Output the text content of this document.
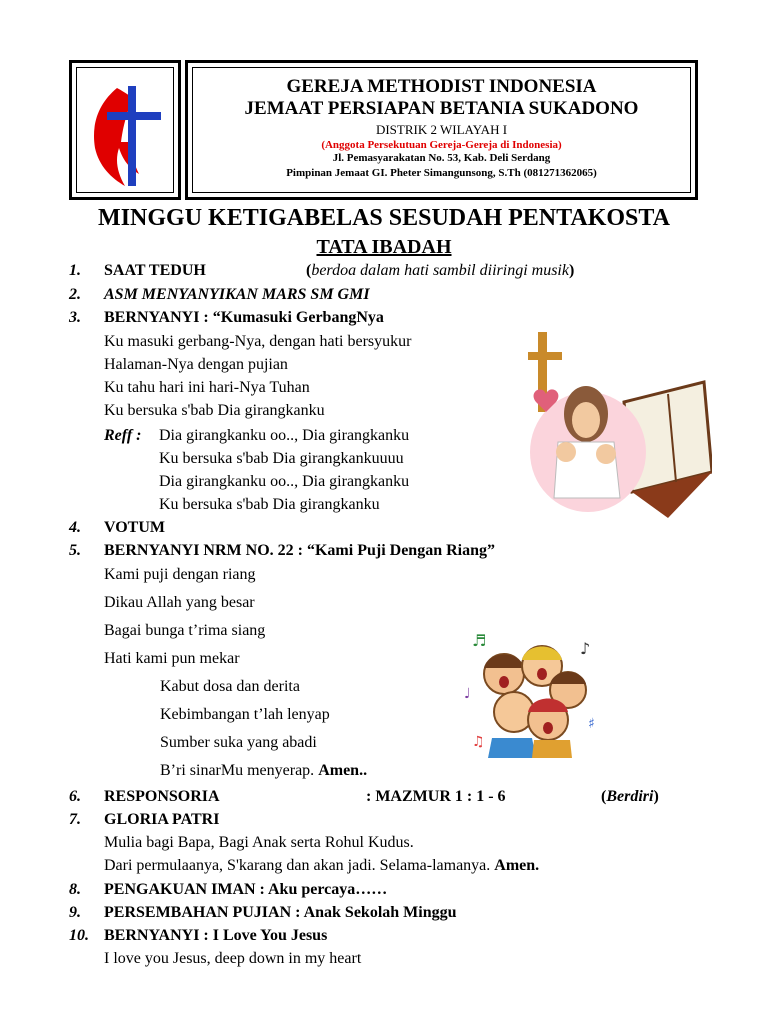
GEREJA METHODIST INDONESIA
JEMAAT PERSIAPAN BETANIA SUKADONO
DISTRIK 2 WILAYAH I
(Anggota Persekutuan Gereja-Gereja di Indonesia)
Jl. Pemasyarakatan No. 53, Kab. Deli Serdang
Pimpinan Jemaat GI. Pheter Simangunsong, S.Th (081271362065)
MINGGU KETIGABELAS SESUDAH PENTAKOSTA
TATA IBADAH
1. SAAT TEDUH	(berdoa dalam hati sambil diiringi musik)
2. ASM MENYANYIKAN MARS SM GMI
3. BERNYANYI : “Kumasuki GerbangNya
Ku masuki gerbang-Nya, dengan hati bersyukur
Halaman-Nya dengan pujian
Ku tahu hari ini hari-Nya Tuhan
Ku bersuka s'bab Dia girangkanku
Reff : Dia girangkanku oo.., Dia girangkanku
Ku bersuka s'bab Dia girangkankuuuu
Dia girangkanku oo.., Dia girangkanku
Ku bersuka s'bab Dia girangkanku
4. VOTUM
5. BERNYANYI NRM NO. 22 : “Kami Puji Dengan Riang”
Kami puji dengan riang
Dikau Allah yang besar
Bagai bunga t’rima siang
Hati kami pun mekar
Kabut dosa dan derita
Kebimbangan t’lah lenyap
Sumber suka yang abadi
B’ri sinarMu menyerap. Amen..
♬	♪
♩
♫
♯
6. RESPONSORIA	: MAZMUR 1 : 1 - 6	(Berdiri)
7. GLORIA PATRI
Mulia bagi Bapa, Bagi Anak serta Rohul Kudus.
Dari permulaanya, S'karang dan akan jadi. Selama-lamanya. Amen.
8. PENGAKUAN IMAN : Aku percaya……
9. PERSEMBAHAN PUJIAN : Anak Sekolah Minggu
10. BERNYANYI : I Love You Jesus
I love you Jesus, deep down in my heart
